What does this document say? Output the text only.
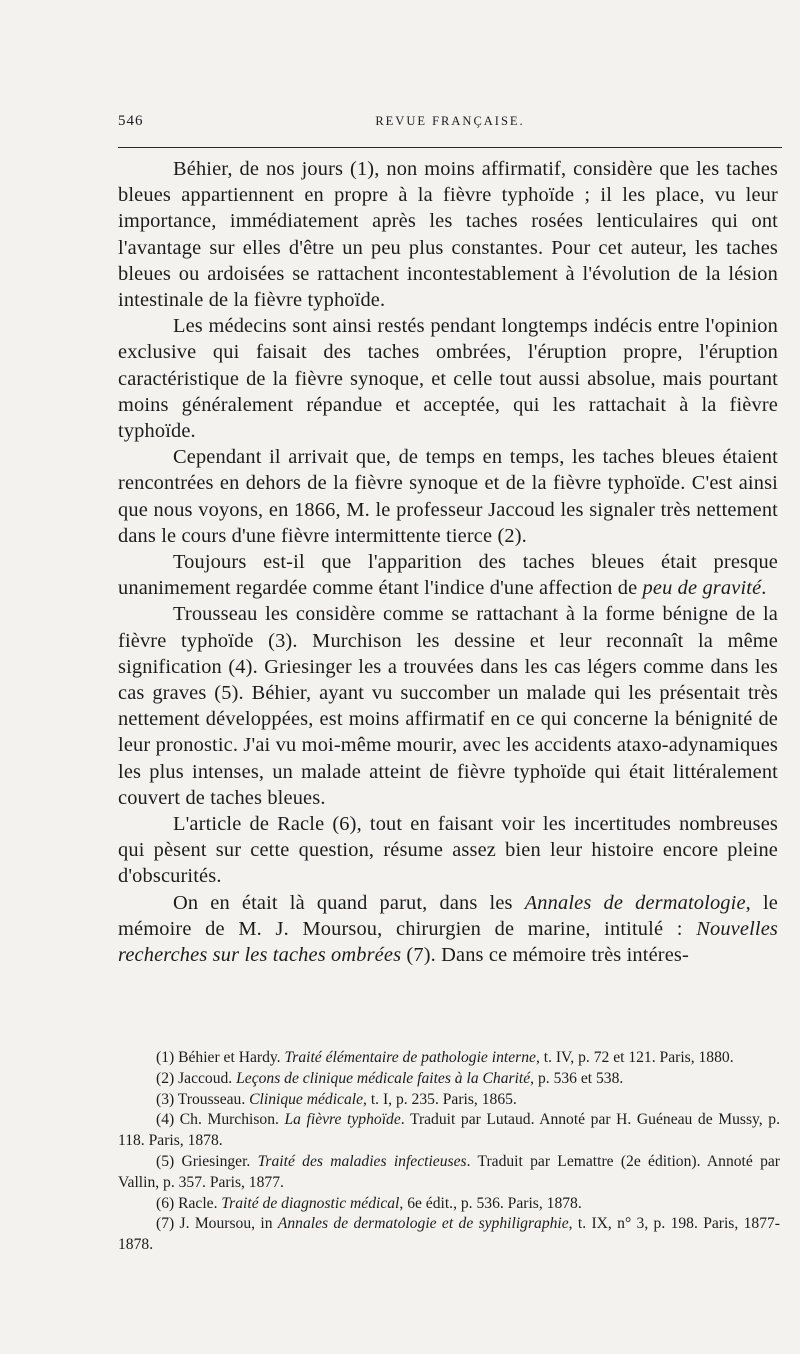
546	REVUE FRANÇAISE.

Béhier, de nos jours (1), non moins affirmatif, considère que les taches bleues appartiennent en propre à la fièvre typhoïde ; il les place, vu leur importance, immédiatement après les taches rosées lenticulaires qui ont l'avantage sur elles d'être un peu plus constantes. Pour cet auteur, les taches bleues ou ardoisées se rattachent incontestablement à l'évolution de la lésion intestinale de la fièvre typhoïde.

Les médecins sont ainsi restés pendant longtemps indécis entre l'opinion exclusive qui faisait des taches ombrées, l'éruption propre, l'éruption caractéristique de la fièvre synoque, et celle tout aussi absolue, mais pourtant moins généralement répandue et acceptée, qui les rattachait à la fièvre typhoïde.

Cependant il arrivait que, de temps en temps, les taches bleues étaient rencontrées en dehors de la fièvre synoque et de la fièvre typhoïde. C'est ainsi que nous voyons, en 1866, M. le professeur Jaccoud les signaler très nettement dans le cours d'une fièvre intermittente tierce (2).

Toujours est-il que l'apparition des taches bleues était presque unanimement regardée comme étant l'indice d'une affection de peu de gravité.

Trousseau les considère comme se rattachant à la forme bénigne de la fièvre typhoïde (3). Murchison les dessine et leur reconnaît la même signification (4). Griesinger les a trouvées dans les cas légers comme dans les cas graves (5). Béhier, ayant vu succomber un malade qui les présentait très nettement développées, est moins affirmatif en ce qui concerne la bénignité de leur pronostic. J'ai vu moi-même mourir, avec les accidents ataxo-adynamiques les plus intenses, un malade atteint de fièvre typhoïde qui était littéralement couvert de taches bleues.

L'article de Racle (6), tout en faisant voir les incertitudes nombreuses qui pèsent sur cette question, résume assez bien leur histoire encore pleine d'obscurités.

On en était là quand parut, dans les Annales de dermatologie, le mémoire de M. J. Moursou, chirurgien de marine, intitulé : Nouvelles recherches sur les taches ombrées (7). Dans ce mémoire très intéres-

(1) Béhier et Hardy. Traité élémentaire de pathologie interne, t. IV, p. 72 et 121. Paris, 1880.

(2) Jaccoud. Leçons de clinique médicale faites à la Charité, p. 536 et 538.

(3) Trousseau. Clinique médicale, t. I, p. 235. Paris, 1865.

(4) Ch. Murchison. La fièvre typhoïde. Traduit par Lutaud. Annoté par H. Guéneau de Mussy, p. 118. Paris, 1878.

(5) Griesinger. Traité des maladies infectieuses. Traduit par Lemattre (2e édition). Annoté par Vallin, p. 357. Paris, 1877.

(6) Racle. Traité de diagnostic médical, 6e édit., p. 536. Paris, 1878.

(7) J. Moursou, in Annales de dermatologie et de syphiligraphie, t. IX, n° 3, p. 198. Paris, 1877-1878.
